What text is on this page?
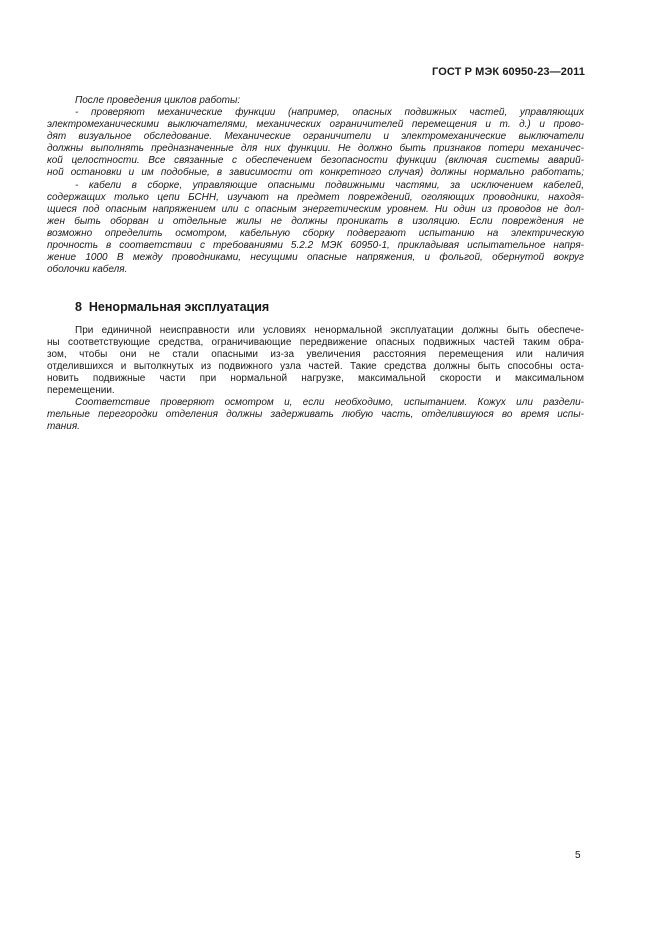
ГОСТ Р МЭК 60950-23—2011
После проведения циклов работы:
- проверяют механические функции (например, опасных подвижных частей, управляющих
электромеханическими выключателями, механических ограничителей перемещения и т. д.) и прово-
дят визуальное обследование. Механические ограничители и электромеханические выключатели
должны выполнять предназначенные для них функции. Не должно быть признаков потери механичес-
кой целостности. Все связанные с обеспечением безопасности функции (включая системы аварий-
ной остановки и им подобные, в зависимости от конкретного случая) должны нормально работать;
- кабели в сборке, управляющие опасными подвижными частями, за исключением кабелей,
содержащих только цепи БСНН, изучают на предмет повреждений, оголяющих проводники, находя-
щиеся под опасным напряжением или с опасным энергетическим уровнем. Ни один из проводов не дол-
жен быть оборван и отдельные жилы не должны проникать в изоляцию. Если повреждения не
возможно определить осмотром, кабельную сборку подвергают испытанию на электрическую
прочность в соответствии с требованиями 5.2.2 МЭК 60950-1, прикладывая испытательное напря-
жение 1000 В между проводниками, несущими опасные напряжения, и фольгой, обернутой вокруг
оболочки кабеля.
8 Ненормальная эксплуатация
При единичной неисправности или условиях ненормальной эксплуатации должны быть обеспече-
ны соответствующие средства, ограничивающие передвижение опасных подвижных частей таким обра-
зом, чтобы они не стали опасными из-за увеличения расстояния перемещения или наличия
отделившихся и вытолкнутых из подвижного узла частей. Такие средства должны быть способны оста-
новить подвижные части при нормальной нагрузке, максимальной скорости и максимальном
перемещении.
Соответствие проверяют осмотром и, если необходимо, испытанием. Кожух или раздели-
тельные перегородки отделения должны задерживать любую часть, отделившуюся во время испы-
тания.
5
